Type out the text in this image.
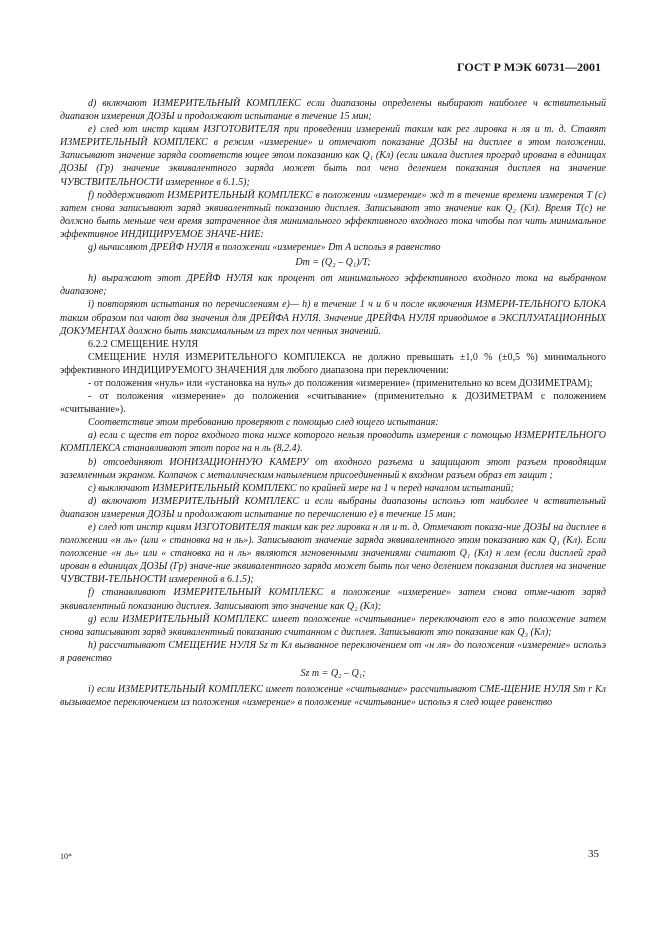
ГОСТ Р МЭК 60731—2001

d) включают ИЗМЕРИТЕЛЬНЫЙ КОМПЛЕКС если диапазоны определены выбирают наиболее ч вствительный диапазон измерения ДОЗЫ и продолжают испытание в течение 15 мин;

e) след ют инстр кциям ИЗГОТОВИТЕЛЯ при проведении измерений таким как рег лировка н ля и т. д. Ставят ИЗМЕРИТЕЛЬНЫЙ КОМПЛЕКС в режим «измерение» и отмечают показание ДОЗЫ на дисплее в этом положении. Записывают значение заряда соответств ющее этом показанию как Q₁ (Кл) (если шкала дисплея проград ирована в единицах ДОЗЫ (Гр) значение эквивалентного заряда может быть пол чено делением показания дисплея на значение ЧУВСТВИТЕЛЬНОСТИ измеренное в 6.1.5);

f) поддерживают ИЗМЕРИТЕЛЬНЫЙ КОМПЛЕКС в положении «измерение» жд т в течение времени измерения T (с) затем снова записывают заряд эквивалентный показанию дисплея. Записывают это значение как Q₂ (Кл). Время T(c) не должно быть меньше чем время затраченное для минимального эффективного входного тока чтобы пол чить минимальное эффективное ИНДИЦИРУЕМОЕ ЗНАЧЕ-НИЕ:

g) вычисляют ДРЕЙФ НУЛЯ в положении «измерение» Dm А испольэ я равенство

Dm = (Q₂ – Q₁)/T;

h) выражают этот ДРЕЙФ НУЛЯ как процент от минимального эффективного входного тока на выбранном диапазоне;

i) повторяют испытания по перечислениям e)— h) в течение 1 ч и 6 ч после включения ИЗМЕРИ-ТЕЛЬНОГО БЛОКА таким образом пол чают два значения для ДРЕЙФА НУЛЯ. Значение ДРЕЙФА НУЛЯ приводимое в ЭКСПЛУАТАЦИОННЫХ ДОКУМЕНТАХ должно быть максимальным из трех пол ченных значений.

6.2.2 СМЕЩЕНИЕ НУЛЯ

СМЕЩЕНИЕ НУЛЯ ИЗМЕРИТЕЛЬНОГО КОМПЛЕКСА не должно превышать ±1,0 % (±0,5 %) минимального эффективного ИНДИЦИРУЕМОГО ЗНАЧЕНИЯ для любого диапазона при переключении:

- от положения «нуль» или «установка на нуль» до положения «измерение» (применительно ко всем ДОЗИМЕТРАМ);

- от положения «измерение» до положения «считывание» (применительно к ДОЗИМЕТРАМ с положением «считывание»).

Соответствие этом требованию проверяют с помощью след ющего испытания:

a) если с ществ ет порог входного тока ниже которого нельзя проводить измерения с помощью ИЗМЕРИТЕЛЬНОГО КОМПЛЕКСА станавливают этот порог на н ль (8.2.4).

b) отсоединяют ИОНИЗАЦИОННУЮ КАМЕРУ от входного разъема и защищают этот разъем проводящим заземленным экраном. Колпачок с металлическим напылением присоединенный к входном разъем образ ет защит ;

c) выключают ИЗМЕРИТЕЛЬНЫЙ КОМПЛЕКС по крайней мере на 1 ч перед началом испытаний;

d) включают ИЗМЕРИТЕЛЬНЫЙ КОМПЛЕКС и если выбраны диапазоны испольэ ют наиболее ч вствительный диапазон измерения ДОЗЫ и продолжают испытание по перечислению e) в течение 15 мин;

e) след ют инстр кциям ИЗГОТОВИТЕЛЯ таким как рег лировка н ля и т. д. Отмечают показа-ние ДОЗЫ на дисплее в положении «н ль» (или « становка на н ль»). Записывают значение заряда эквивалентного этом показанию как Q₁ (Кл). Если положение «н ль» или « становка на н ль» являются мгновенными значениями считают Q₁ (Кл) н лем (если дисплей град ирован в единицах ДОЗЫ (Гр) значе-ние эквивалентного заряда может быть пол чено делением показания дисплея на значение ЧУВСТВИ-ТЕЛЬНОСТИ измеренной в 6.1.5);

f) станавливают ИЗМЕРИТЕЛЬНЫЙ КОМПЛЕКС в положение «измерение» затем снова отме-чают заряд эквивалентный показанию дисплея. Записывают это значение как Q₂ (Кл);

g) если ИЗМЕРИТЕЛЬНЫЙ КОМПЛЕКС имеет положение «считывание» переключают его в это положение затем снова записывают заряд эквивалентный показанию считанном с дисплея. Записывают это показание как Q₃ (Кл);

h) рассчитывают СМЕЩЕНИЕ НУЛЯ Sz m Кл вызванное переключением от «н ля» до положения «измерение» испольэ я равенство

Sz m = Q₂ – Q₁;

i) если ИЗМЕРИТЕЛЬНЫЙ КОМПЛЕКС имеет положение «считывание» рассчитывают СМЕ-ЩЕНИЕ НУЛЯ Sm r Кл вызываемое переключением из положения «измерение» в положение «считывание» испольэ я след ющее равенство

10*	35
